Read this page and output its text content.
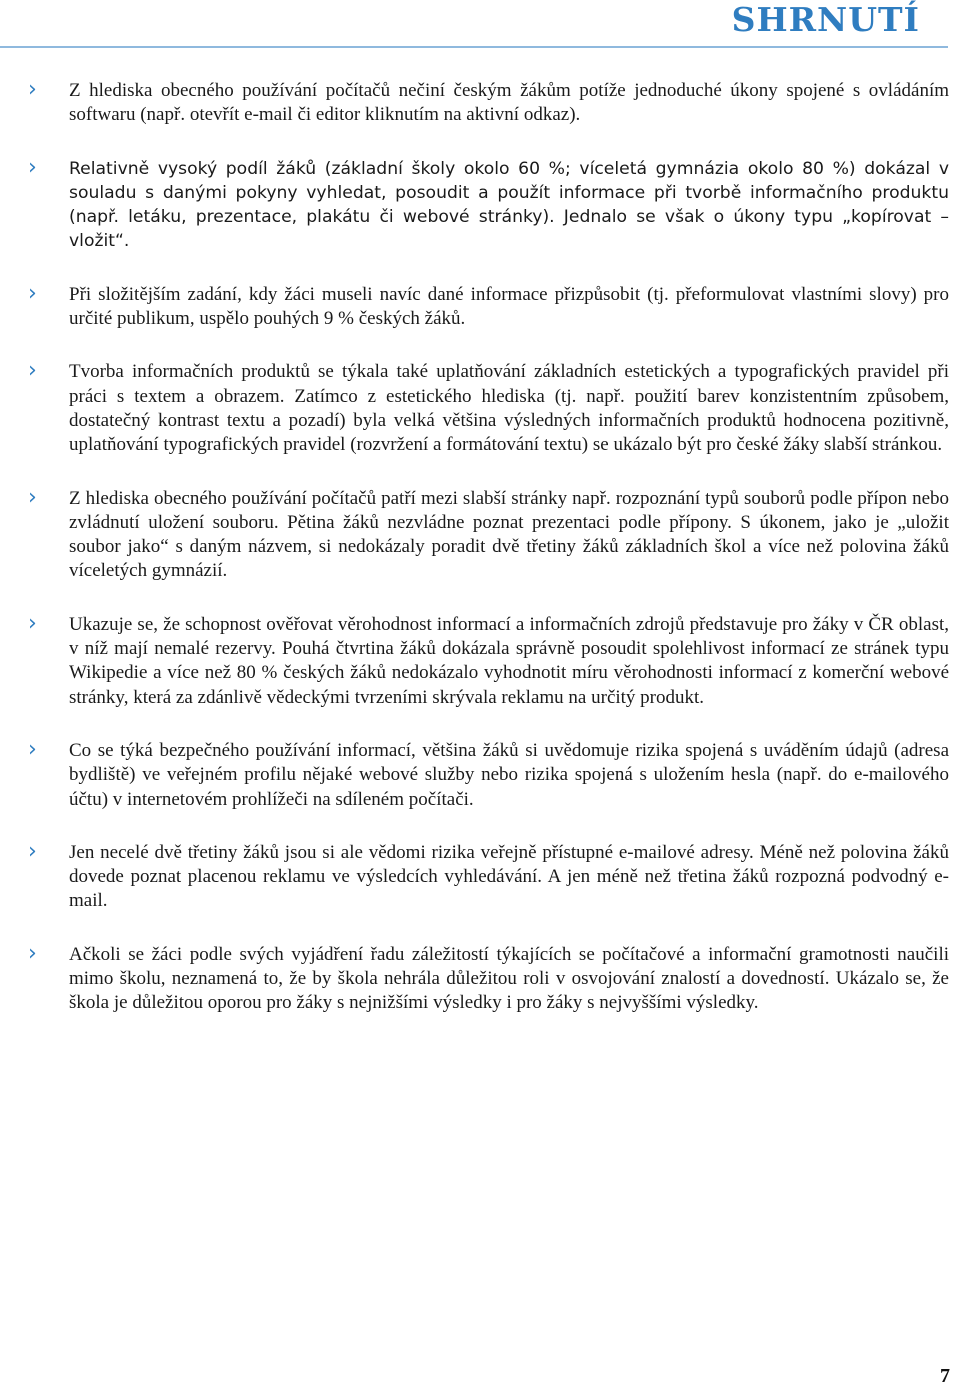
SHRNUTÍ
› Z hlediska obecného používání počítačů nečiní českým žákům potíže jednoduché úkony spojené s ovládáním softwaru (např. otevřít e-mail či editor kliknutím na aktivní odkaz).
›	Relativně vysoký podíl žáků (základní školy okolo 60 %; víceletá gymnázia okolo 80 %) dokázal v souladu s danými pokyny vyhledat, posoudit a použít informace při tvorbě informačního produktu (např. letáku, prezentace, plakátu či webové stránky). Jednalo se však o úkony typu „kopírovat – vložit“.
› Při složitějším zadání, kdy žáci museli navíc dané informace přizpůsobit (tj. přeformulovat vlastními slovy) pro určité publikum, uspělo pouhých 9 % českých žáků.
› Tvorba informačních produktů se týkala také uplatňování základních estetických a typografických pravidel při práci s textem a obrazem. Zatímco z estetického hlediska (tj. např. použití barev konzistentním způsobem, dostatečný kontrast textu a pozadí) byla velká většina výsledných informačních produktů hodnocena pozitivně, uplatňování typografických pravidel (rozvržení a formátování textu) se ukázalo být pro české žáky slabší stránkou.
› Z hlediska obecného používání počítačů patří mezi slabší stránky např. rozpoznání typů souborů podle přípon nebo zvládnutí uložení souboru. Pětina žáků nezvládne poznat prezentaci podle přípony. S úkonem, jako je „uložit soubor jako“ s daným názvem, si nedokázaly poradit dvě třetiny žáků základních škol a více než polovina žáků víceletých gymnázií.
› Ukazuje se, že schopnost ověřovat věrohodnost informací a informačních zdrojů představuje pro žáky v ČR oblast, v níž mají nemalé rezervy. Pouhá čtvrtina žáků dokázala správně posoudit spolehlivost informací ze stránek typu Wikipedie a více než 80 % českých žáků nedokázalo vyhodnotit míru věrohodnosti informací z komerční webové stránky, která za zdánlivě vědeckými tvrzeními skrývala reklamu na určitý produkt.
› Co se týká bezpečného používání informací, většina žáků si uvědomuje rizika spojená s uváděním údajů (adresa bydliště) ve veřejném profilu nějaké webové služby nebo rizika spojená s uložením hesla (např. do e-mailového účtu) v internetovém prohlížeči na sdíleném počítači.
› Jen necelé dvě třetiny žáků jsou si ale vědomi rizika veřejně přístupné e-mailové adresy. Méně než polovina žáků dovede poznat placenou reklamu ve výsledcích vyhledávání. A jen méně než třetina žáků rozpozná podvodný e-mail.
› Ačkoli se žáci podle svých vyjádření řadu záležitostí týkajících se počítačové a informační gramotnosti naučili mimo školu, neznamená to, že by škola nehrála důležitou roli v osvojování znalostí a dovedností. Ukázalo se, že škola je důležitou oporou pro žáky s nejnižšími výsledky i pro žáky s nejvyššími výsledky.
7
